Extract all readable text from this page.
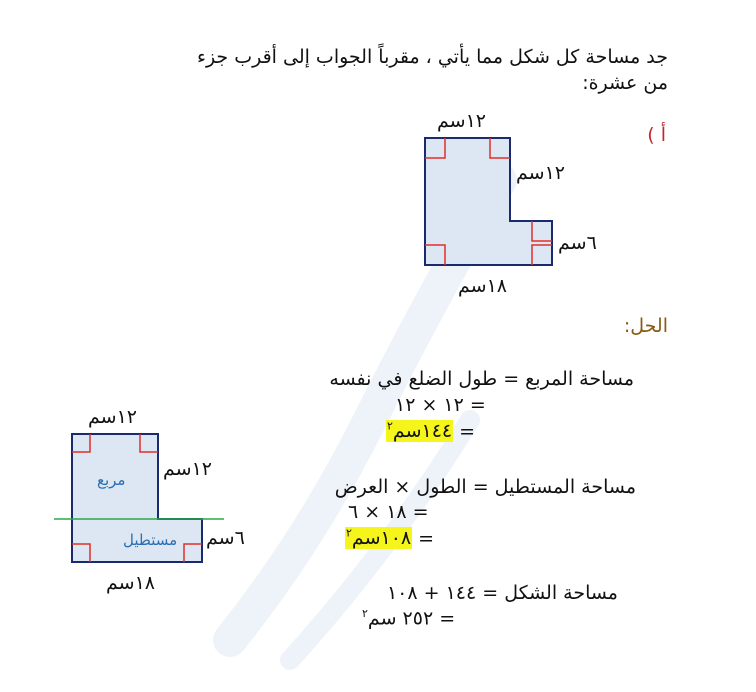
جد مساحة كل شكل مما يأتي ، مقرباً الجواب إلى أقرب جزء
من عشرة:
أ )
١٢سم
١٢سم
٦سم
١٨سم
الحل:
مساحة المربع = طول الضلع في نفسه
= ١٢ × ١٢
= ١٤٤سم$^٢$
مساحة المستطيل = الطول × العرض
= ١٨ × ٦
= ١٠٨سم$^٢$
مساحة الشكل = ١٤٤ + ١٠٨
= ٢٥٢ سم$^٢$
١٢سم
١٢سم
٦سم
١٨سم
مربع
مستطيل
